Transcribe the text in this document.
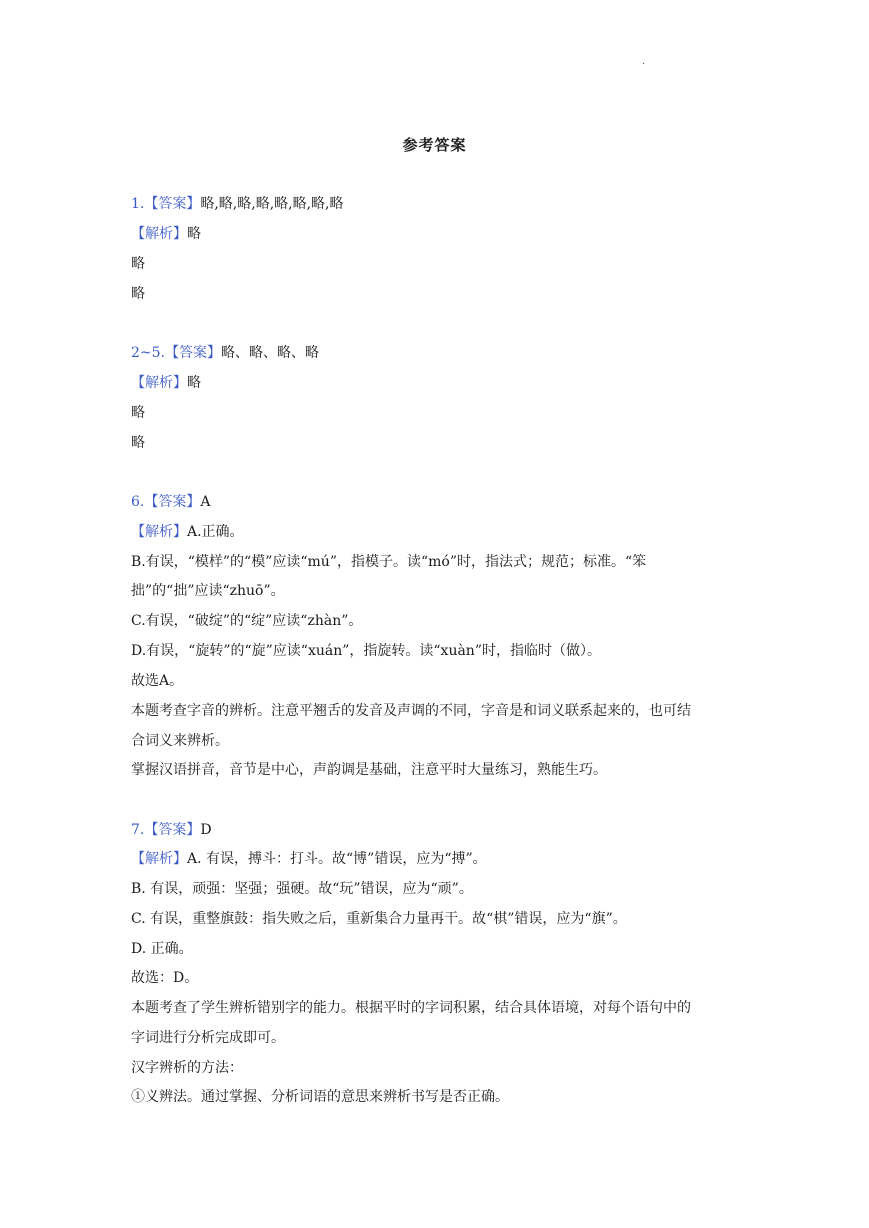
.
参考答案
1.【答案】略,略,略,略,略,略,略,略
【解析】略
略
略
2~5.【答案】略、略、略、略
【解析】略
略
略
6.【答案】A
【解析】A.正确。
B.有误，“模样”的“模”应读“mú”，指模子。读“mó”时，指法式；规范；标准。“笨
拙”的“拙”应读“zhuō”。
C.有误，“破绽”的“绽”应读“zhàn”。
D.有误，“旋转”的“旋”应读“xuán”，指旋转。读“xuàn”时，指临时（做）。
故选A。
本题考查字音的辨析。注意平翘舌的发音及声调的不同，字音是和词义联系起来的，也可结
合词义来辨析。
掌握汉语拼音，音节是中心，声韵调是基础，注意平时大量练习，熟能生巧。
7.【答案】D
【解析】A. 有误，搏斗：打斗。故“博”错误，应为“搏”。
B. 有误，顽强：坚强；强硬。故“玩”错误，应为“顽”。
C. 有误，重整旗鼓：指失败之后，重新集合力量再干。故“棋”错误，应为“旗”。
D. 正确。
故选：D。
本题考查了学生辨析错别字的能力。根据平时的字词积累，结合具体语境，对每个语句中的
字词进行分析完成即可。
汉字辨析的方法：
①义辨法。通过掌握、分析词语的意思来辨析书写是否正确。
